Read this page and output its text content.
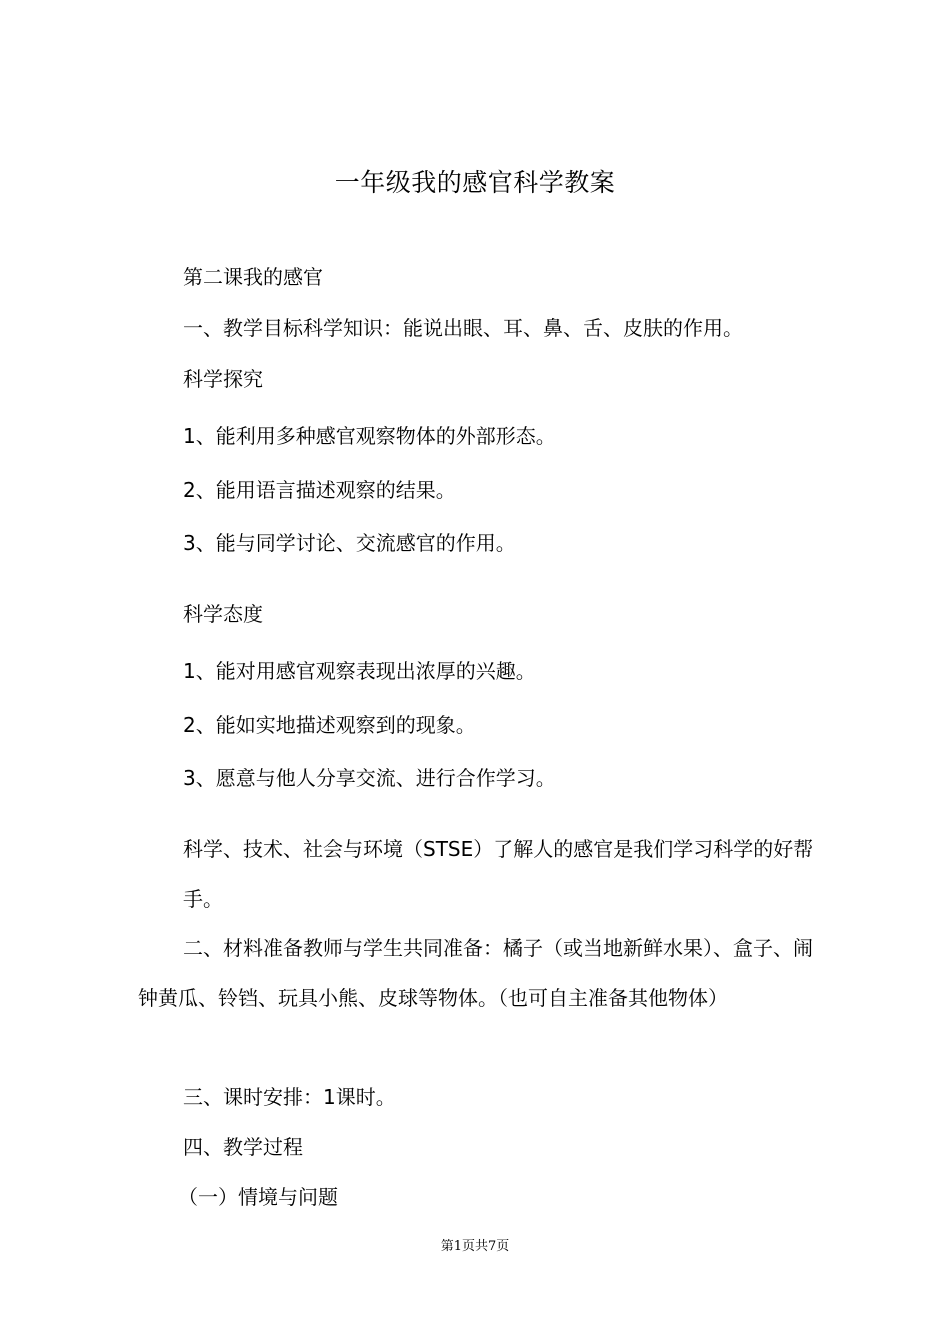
一年级我的感官科学教案

第二课我的感官

一、教学目标科学知识：能说出眼、耳、鼻、舌、皮肤的作用。

科学探究

1、能利用多种感官观察物体的外部形态。

2、能用语言描述观察的结果。

3、能与同学讨论、交流感官的作用。

科学态度

1、能对用感官观察表现出浓厚的兴趣。

2、能如实地描述观察到的现象。

3、愿意与他人分享交流、进行合作学习。

科学、技术、社会与环境（STSE）了解人的感官是我们学习科学的好帮手。

二、材料准备教师与学生共同准备：橘子（或当地新鲜水果）、盒子、闹钟黄瓜、铃铛、玩具小熊、皮球等物体。（也可自主准备其他物体）

三、课时安排：1课时。

四、教学过程

（一）情境与问题

第1页共7页
